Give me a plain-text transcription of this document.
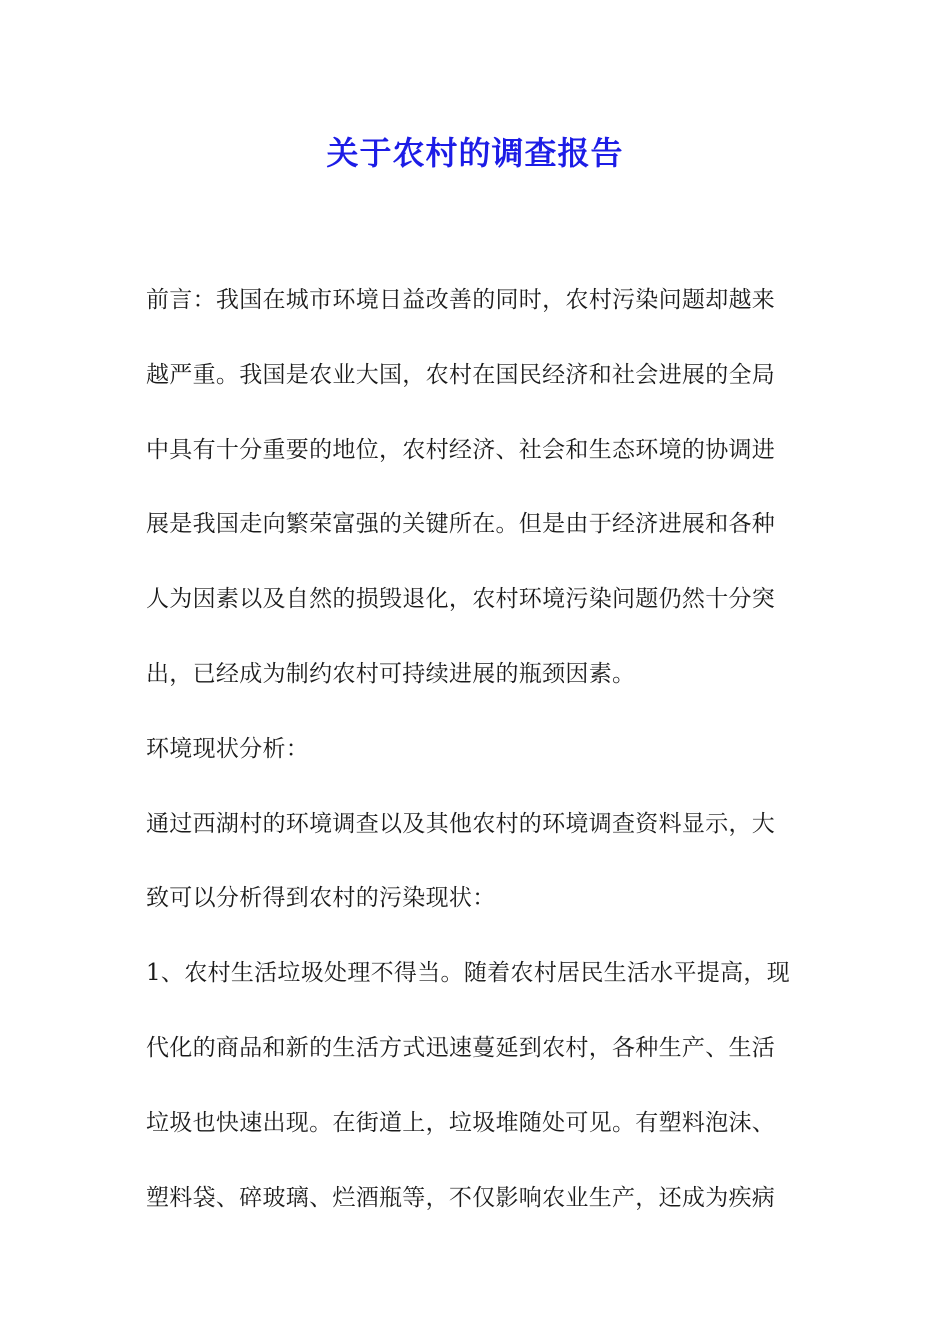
关于农村的调查报告
前言：我国在城市环境日益改善的同时，农村污染问题却越来
越严重。我国是农业大国，农村在国民经济和社会进展的全局
中具有十分重要的地位，农村经济、社会和生态环境的协调进
展是我国走向繁荣富强的关键所在。但是由于经济进展和各种
人为因素以及自然的损毁退化，农村环境污染问题仍然十分突
出，已经成为制约农村可持续进展的瓶颈因素。
环境现状分析：
通过西湖村的环境调查以及其他农村的环境调查资料显示，大
致可以分析得到农村的污染现状：
1、农村生活垃圾处理不得当。随着农村居民生活水平提高，现
代化的商品和新的生活方式迅速蔓延到农村，各种生产、生活
垃圾也快速出现。在街道上，垃圾堆随处可见。有塑料泡沫、
塑料袋、碎玻璃、烂酒瓶等，不仅影响农业生产，还成为疾病
